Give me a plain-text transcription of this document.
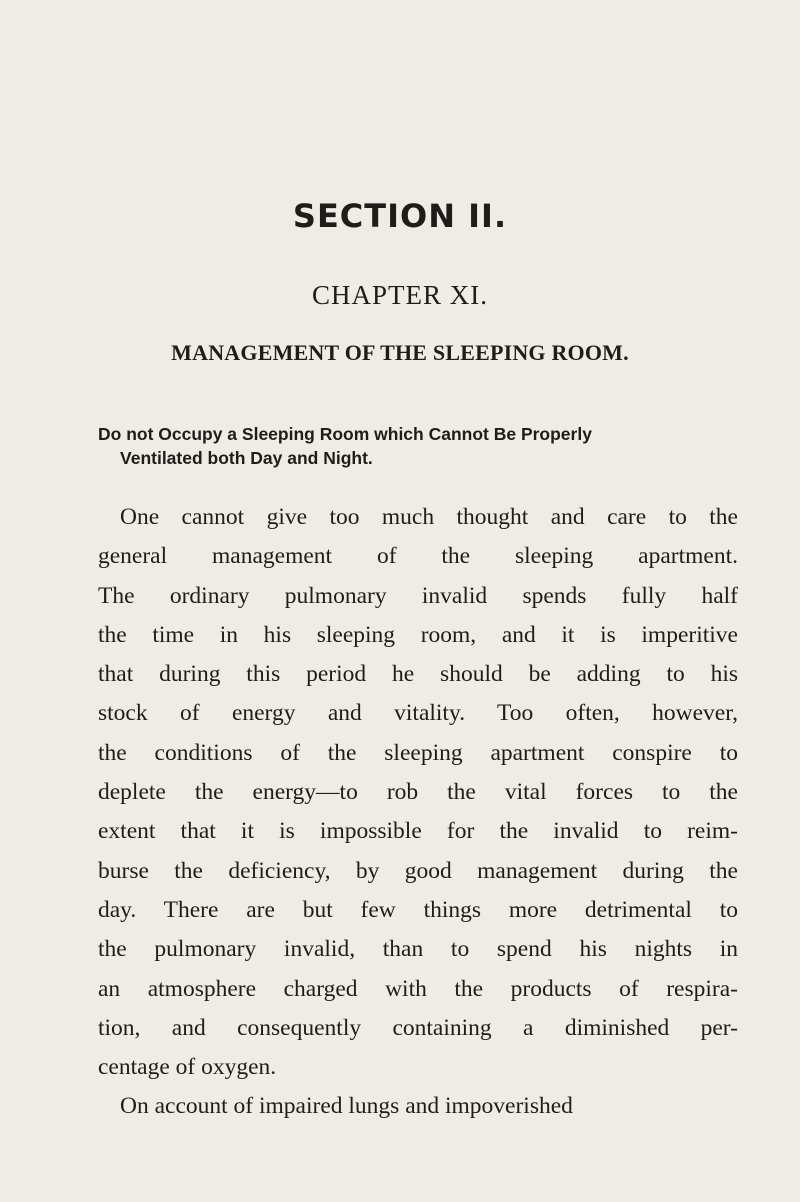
SECTION II.
CHAPTER XI.
MANAGEMENT OF THE SLEEPING ROOM.
Do not Occupy a Sleeping Room which Cannot Be Properly
Ventilated both Day and Night.
One cannot give too much thought and care to the
general management of the sleeping apartment.
The ordinary pulmonary invalid spends fully half
the time in his sleeping room, and it is imperitive
that during this period he should be adding to his
stock of energy and vitality. Too often, however,
the conditions of the sleeping apartment conspire to
deplete the energy—to rob the vital forces to the
extent that it is impossible for the invalid to reim-
burse the deficiency, by good management during the
day. There are but few things more detrimental to
the pulmonary invalid, than to spend his nights in
an atmosphere charged with the products of respira-
tion, and consequently containing a diminished per-
centage of oxygen.
On account of impaired lungs and impoverished
